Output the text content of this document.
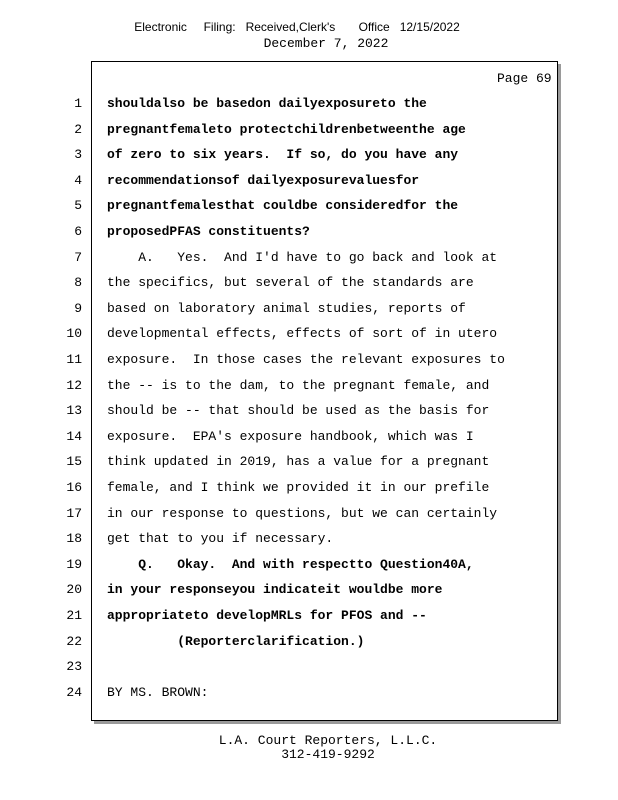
Electronic     Filing:   Received,Clerk's       Office   12/15/2022
December 7, 2022
Page 69
1 shouldalso be basedon dailyexposureto the
2 pregnantfemaleto protectchildrenbetweenthe age
3 of zero to six years.  If so, do you have any
4 recommendationsof dailyexposurevaluesfor
5 pregnantfemalesthat couldbe consideredfor the
6 proposedPFAS constituents?
7 A.   Yes.  And I'd have to go back and look at
8 the specifics, but several of the standards are
9 based on laboratory animal studies, reports of
10 developmental effects, effects of sort of in utero
11 exposure.  In those cases the relevant exposures to
12 the -- is to the dam, to the pregnant female, and
13 should be -- that should be used as the basis for
14 exposure.  EPA's exposure handbook, which was I
15 think updated in 2019, has a value for a pregnant
16 female, and I think we provided it in our prefile
17 in our response to questions, but we can certainly
18 get that to you if necessary.
19 Q.   Okay.  And with respectto Question40A,
20 in your responseyou indicateit wouldbe more
21 appropriateto developMRLs for PFOS and --
22 (Reporterclarification.)
23
24 BY MS. BROWN:
L.A. Court Reporters, L.L.C.
312-419-9292
